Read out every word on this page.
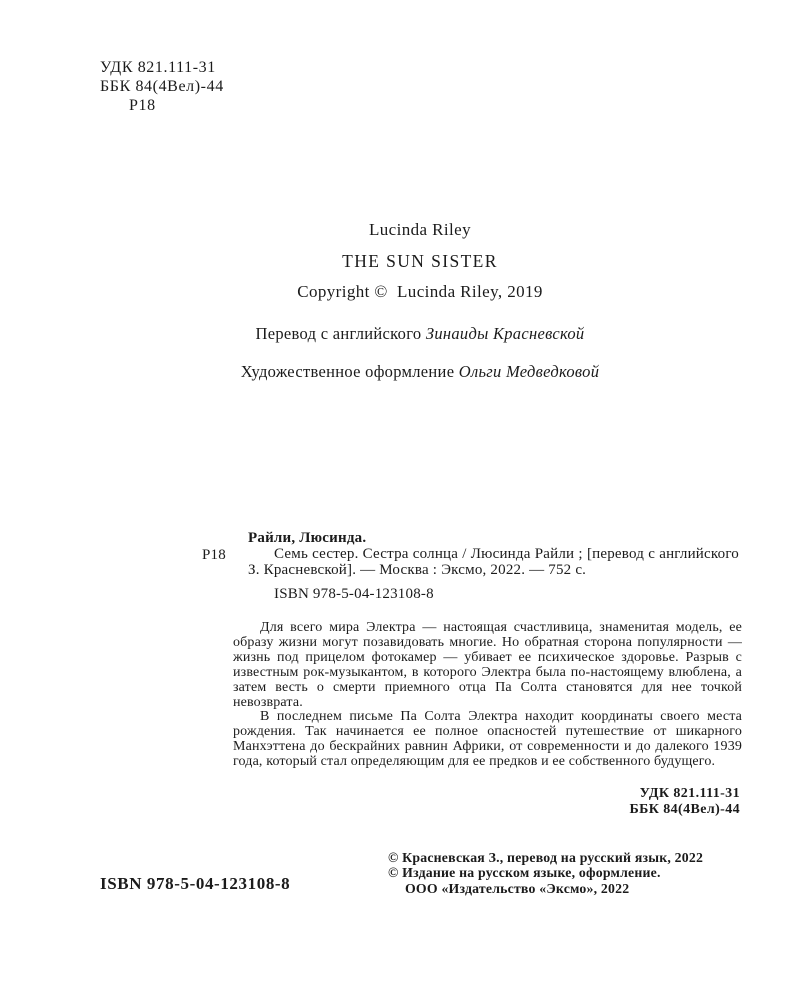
УДК 821.111-31
ББК 84(4Вел)-44
Р18
Lucinda Riley
THE SUN SISTER
Copyright ©  Lucinda Riley, 2019
Перевод с английского Зинаиды Красневской
Художественное оформление Ольги Медведковой
Р18
Райли, Люсинда.

Семь сестер. Сестра солнца / Люсинда Райли ; [перевод с английского З. Красневской]. — Москва : Эксмо, 2022. — 752 с.

ISBN 978-5-04-123108-8

Для всего мира Электра — настоящая счастливица, знаменитая модель, ее образу жизни могут позавидовать многие. Но обратная сторона популярности — жизнь под прицелом фотокамер — убивает ее психическое здоровье. Разрыв с известным рок-музыкантом, в которого Электра была по-настоящему влюблена, а затем весть о смерти приемного отца Па Солта становятся для нее точкой невозврата.

В последнем письме Па Солта Электра находит координаты своего места рождения. Так начинается ее полное опасностей путешествие от шикарного Манхэттена до бескрайних равнин Африки, от современности и до далекого 1939 года, который стал определяющим для ее предков и ее собственного будущего.

УДК 821.111-31
ББК 84(4Вел)-44
ISBN 978-5-04-123108-8
© Красневская З., перевод на русский язык, 2022
© Издание на русском языке, оформление.
ООО «Издательство «Эксмо», 2022
